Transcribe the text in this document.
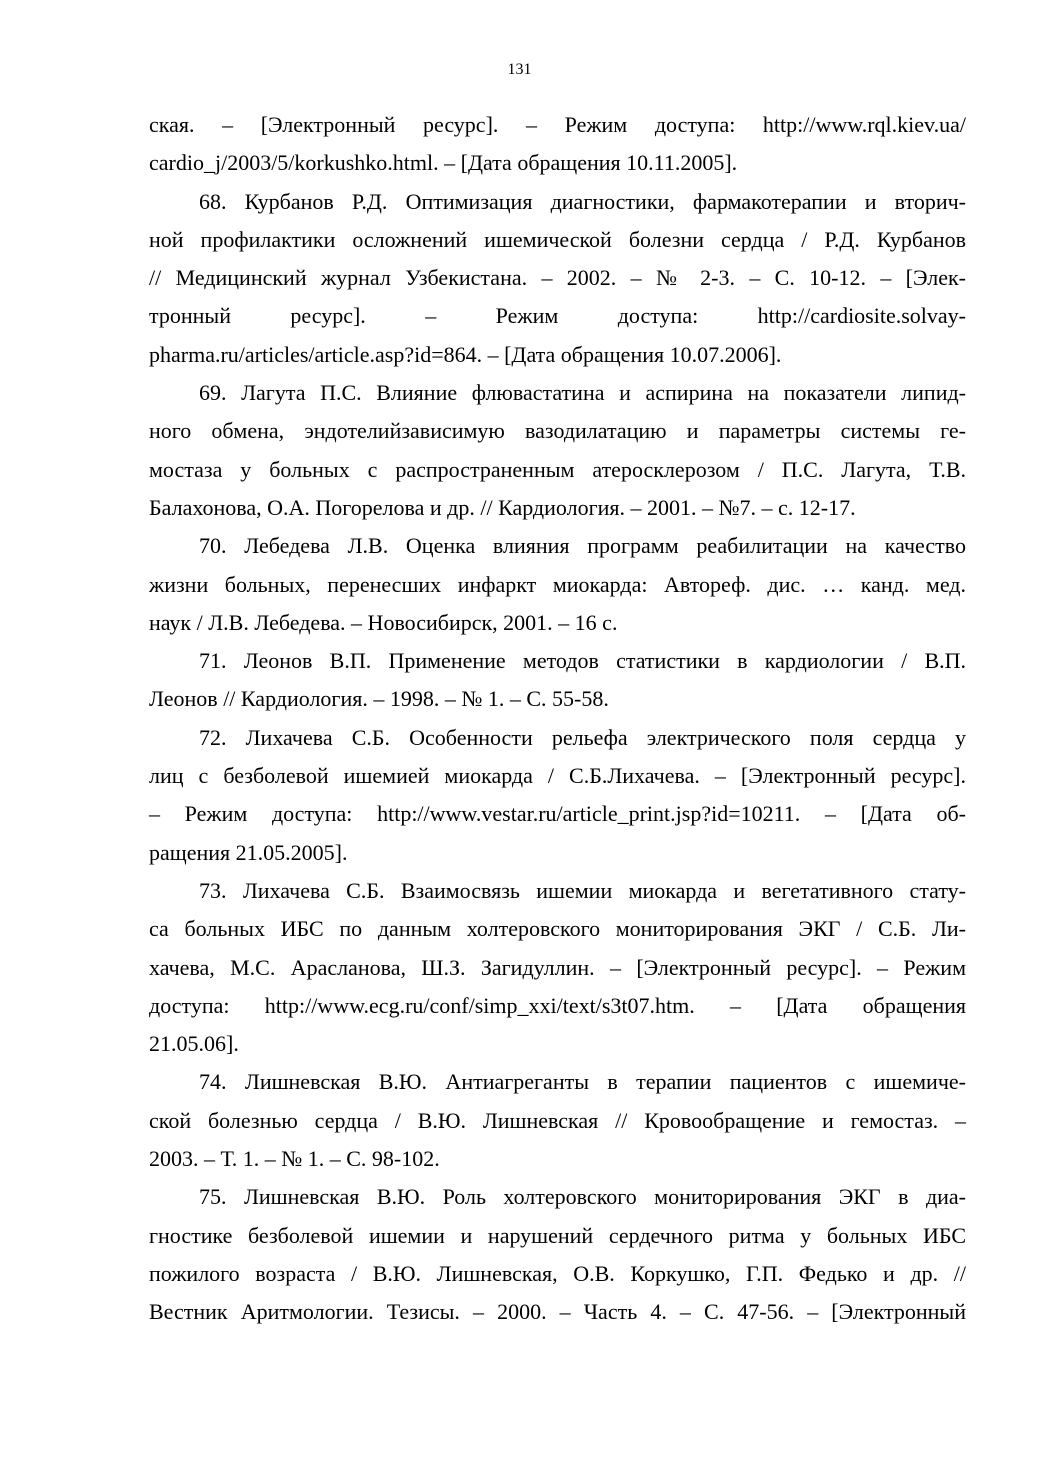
131
ская. – [Электронный ресурс]. – Режим доступа: http://www.rql.kiev.ua/
cardio_j/2003/5/korkushko.html. – [Дата обращения 10.11.2005].
68. Курбанов Р.Д. Оптимизация диагностики, фармакотерапии и вторич-
ной профилактики осложнений ишемической болезни сердца / Р.Д. Курбанов
// Медицинский журнал Узбекистана. – 2002. – № 2-3. – С. 10-12. – [Элек-
тронный ресурс]. – Режим доступа: http://cardiosite.solvay-
pharma.ru/articles/article.asp?id=864. – [Дата обращения 10.07.2006].
69. Лагута П.С. Влияние флювастатина и аспирина на показатели липид-
ного обмена, эндотелийзависимую вазодилатацию и параметры системы ге-
мостаза у больных с распространенным атеросклерозом / П.С. Лагута, Т.В.
Балахонова, О.А. Погорелова и др. // Кардиология. – 2001. – №7. – с. 12-17.
70. Лебедева Л.В. Оценка влияния программ реабилитации на качество
жизни больных, перенесших инфаркт миокарда: Автореф. дис. … канд. мед.
наук / Л.В. Лебедева. – Новосибирск, 2001. – 16 с.
71. Леонов В.П. Применение методов статистики в кардиологии / В.П.
Леонов // Кардиология. – 1998. – № 1. – С. 55-58.
72. Лихачева С.Б. Особенности рельефа электрического поля сердца у
лиц с безболевой ишемией миокарда / С.Б.Лихачева. – [Электронный ресурс].
– Режим доступа: http://www.vestar.ru/article_print.jsp?id=10211. – [Дата об-
ращения 21.05.2005].
73. Лихачева С.Б. Взаимосвязь ишемии миокарда и вегетативного стату-
са больных ИБС по данным холтеровского мониторирования ЭКГ / С.Б. Ли-
хачева, М.С. Арасланова, Ш.З. Загидуллин. – [Электронный ресурс]. – Режим
доступа: http://www.ecg.ru/conf/simp_xxi/text/s3t07.htm. – [Дата обращения
21.05.06].
74. Лишневская В.Ю. Антиагреганты в терапии пациентов с ишемиче-
ской болезнью сердца / В.Ю. Лишневская // Кровообращение и гемостаз. –
2003. – Т. 1. – № 1. – С. 98-102.
75. Лишневская В.Ю. Роль холтеровского мониторирования ЭКГ в диа-
гностике безболевой ишемии и нарушений сердечного ритма у больных ИБС
пожилого возраста / В.Ю. Лишневская, О.В. Коркушко, Г.П. Федько и др. //
Вестник Аритмологии. Тезисы. – 2000. – Часть 4. – С. 47-56. – [Электронный
